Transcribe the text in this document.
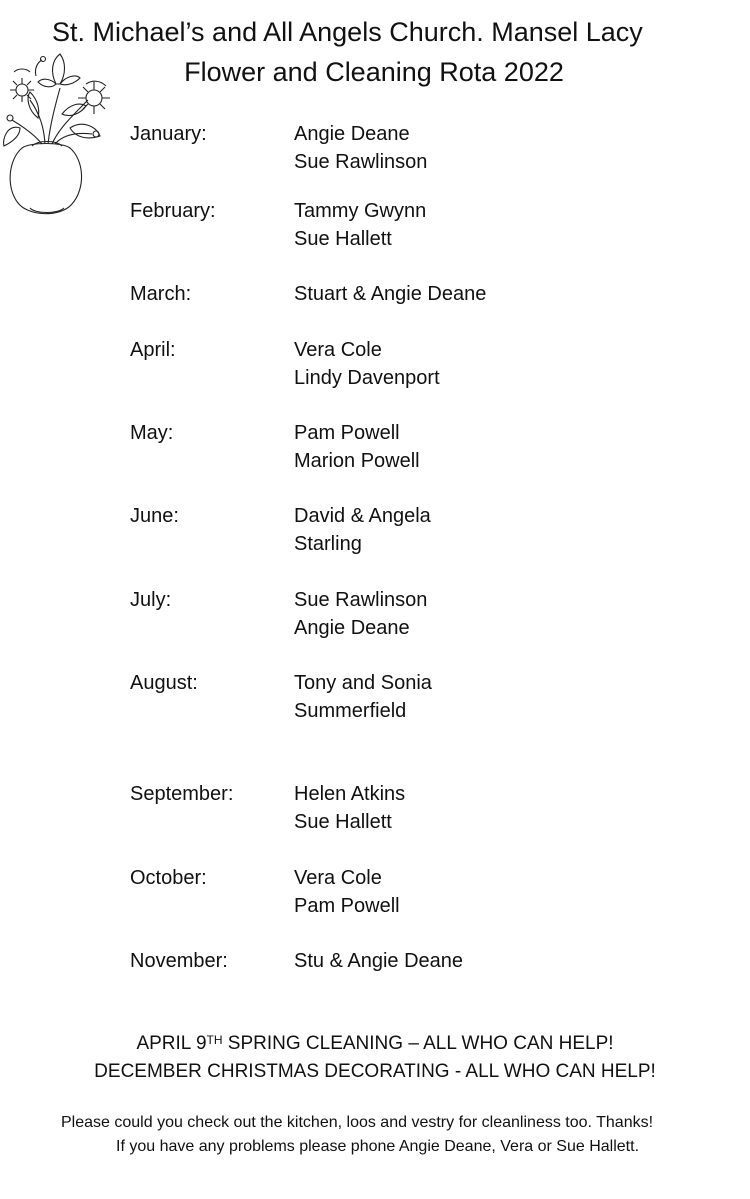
St. Michael’s and All Angels Church. Mansel Lacy
Flower and Cleaning Rota 2022
January:	Angie Deane
Sue Rawlinson
February:	Tammy Gwynn
Sue Hallett
March:	Stuart & Angie Deane
April:	Vera Cole
Lindy Davenport
May:	Pam Powell
Marion Powell
June:	David & Angela
Starling
July:	Sue Rawlinson
Angie Deane
August:	Tony and Sonia
Summerfield
September:	Helen Atkins
Sue Hallett
October:	Vera Cole
Pam Powell
November:	Stu & Angie Deane
APRIL 9TH SPRING CLEANING – ALL WHO CAN HELP!
DECEMBER CHRISTMAS DECORATING - ALL WHO CAN HELP!
Please could you check out the kitchen, loos and vestry for cleanliness too. Thanks!
If you have any problems please phone Angie Deane, Vera or Sue Hallett.
